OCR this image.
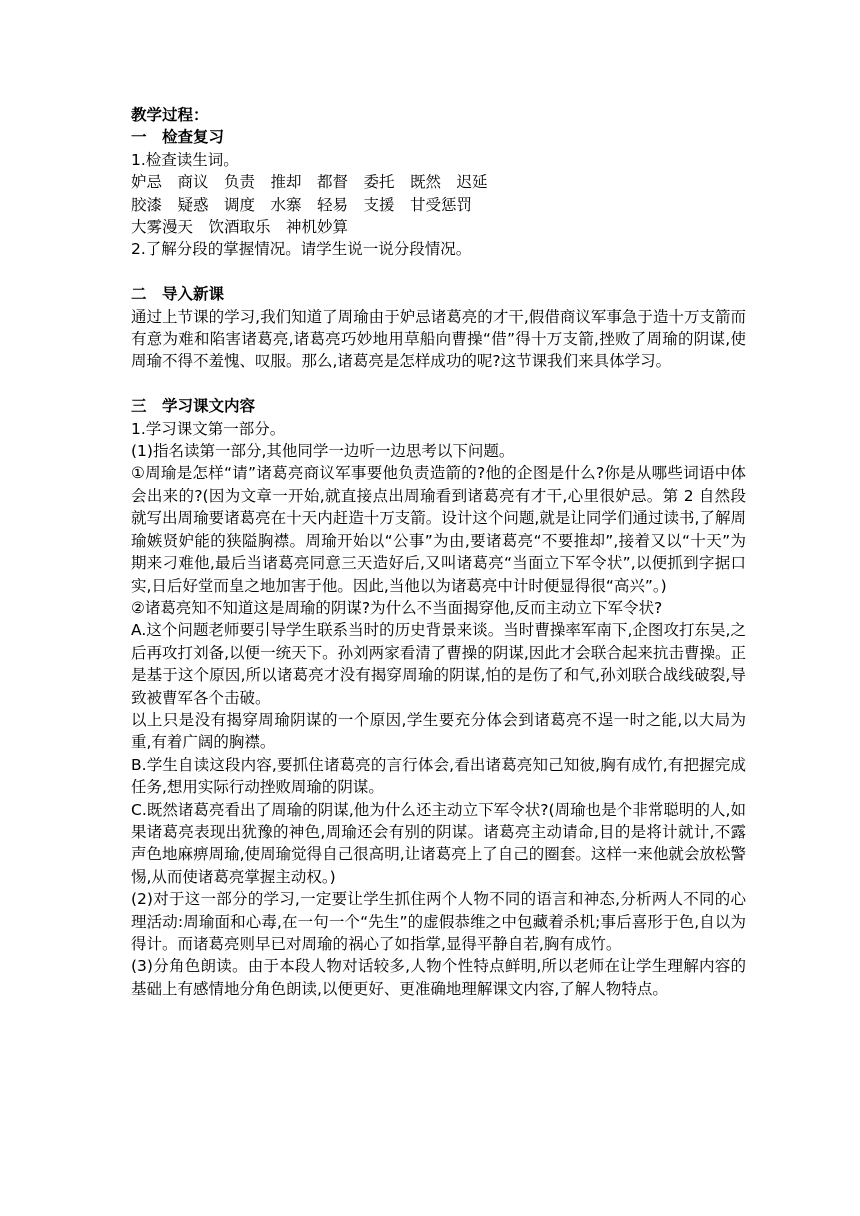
教学过程：
一　检查复习
1.检查读生词。
妒忌　商议　负责　推却　都督　委托　既然　迟延
胶漆　疑惑　调度　水寨　轻易　支援　甘受惩罚
大雾漫天　饮酒取乐　神机妙算
2.了解分段的掌握情况。请学生说一说分段情况。
二　导入新课
通过上节课的学习,我们知道了周瑜由于妒忌诸葛亮的才干,假借商议军事急于造十万支箭而有意为难和陷害诸葛亮,诸葛亮巧妙地用草船向曹操“借”得十万支箭,挫败了周瑜的阴谋,使周瑜不得不羞愧、叹服。那么,诸葛亮是怎样成功的呢?这节课我们来具体学习。
三　学习课文内容
1.学习课文第一部分。
(1)指名读第一部分,其他同学一边听一边思考以下问题。
①周瑜是怎样“请”诸葛亮商议军事要他负责造箭的?他的企图是什么?你是从哪些词语中体会出来的?(因为文章一开始,就直接点出周瑜看到诸葛亮有才干,心里很妒忌。第 2 自然段就写出周瑜要诸葛亮在十天内赶造十万支箭。设计这个问题,就是让同学们通过读书,了解周瑜嫉贤妒能的狭隘胸襟。周瑜开始以“公事”为由,要诸葛亮“不要推却”,接着又以“十天”为期来刁难他,最后当诸葛亮同意三天造好后,又叫诸葛亮“当面立下军令状”,以便抓到字据口实,日后好堂而皇之地加害于他。因此,当他以为诸葛亮中计时便显得很“高兴”。)
②诸葛亮知不知道这是周瑜的阴谋?为什么不当面揭穿他,反而主动立下军令状?
A.这个问题老师要引导学生联系当时的历史背景来谈。当时曹操率军南下,企图攻打东吴,之后再攻打刘备,以便一统天下。孙刘两家看清了曹操的阴谋,因此才会联合起来抗击曹操。正是基于这个原因,所以诸葛亮才没有揭穿周瑜的阴谋,怕的是伤了和气,孙刘联合战线破裂,导致被曹军各个击破。
以上只是没有揭穿周瑜阴谋的一个原因,学生要充分体会到诸葛亮不逞一时之能,以大局为重,有着广阔的胸襟。
B.学生自读这段内容,要抓住诸葛亮的言行体会,看出诸葛亮知己知彼,胸有成竹,有把握完成任务,想用实际行动挫败周瑜的阴谋。
C.既然诸葛亮看出了周瑜的阴谋,他为什么还主动立下军令状?(周瑜也是个非常聪明的人,如果诸葛亮表现出犹豫的神色,周瑜还会有别的阴谋。诸葛亮主动请命,目的是将计就计,不露声色地麻痹周瑜,使周瑜觉得自己很高明,让诸葛亮上了自己的圈套。这样一来他就会放松警惕,从而使诸葛亮掌握主动权。)
(2)对于这一部分的学习,一定要让学生抓住两个人物不同的语言和神态,分析两人不同的心理活动:周瑜面和心毒,在一句一个“先生”的虚假恭维之中包藏着杀机;事后喜形于色,自以为得计。而诸葛亮则早已对周瑜的祸心了如指掌,显得平静自若,胸有成竹。
(3)分角色朗读。由于本段人物对话较多,人物个性特点鲜明,所以老师在让学生理解内容的基础上有感情地分角色朗读,以便更好、更准确地理解课文内容,了解人物特点。
